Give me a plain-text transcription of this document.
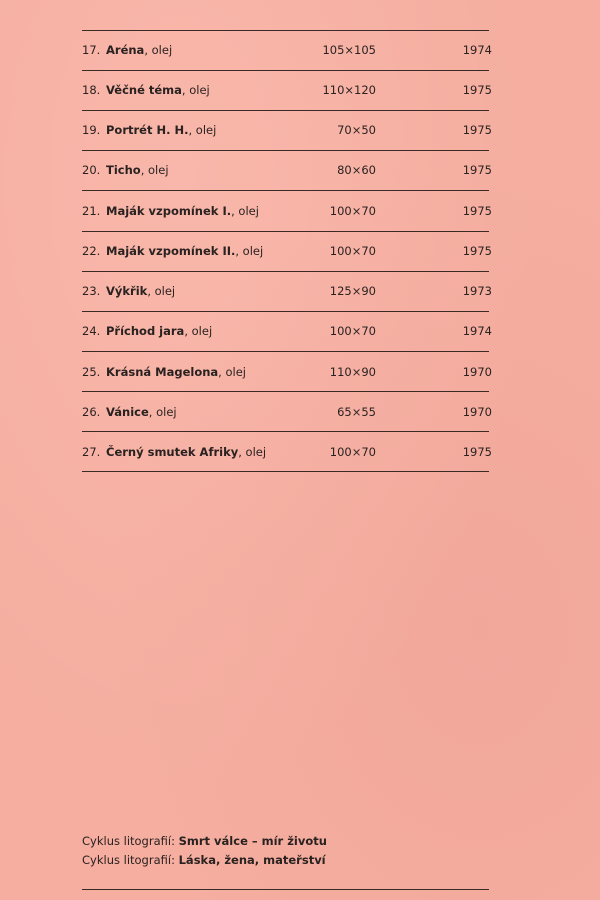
17. Aréna, olej	105×105	1974
18. Věčné téma, olej	110×120	1975
19. Portrét H. H., olej	70×50	1975
20. Ticho, olej	80×60	1975
21. Maják vzpomínek I., olej	100×70	1975
22. Maják vzpomínek II., olej	100×70	1975
23. Výkřik, olej	125×90	1973
24. Příchod jara, olej	100×70	1974
25. Krásná Magelona, olej	110×90	1970
26. Vánice, olej	65×55	1970
27. Černý smutek Afriky, olej	100×70	1975
Cyklus litografií: Smrt válce – mír životu
Cyklus litografií: Láska, žena, mateřství
